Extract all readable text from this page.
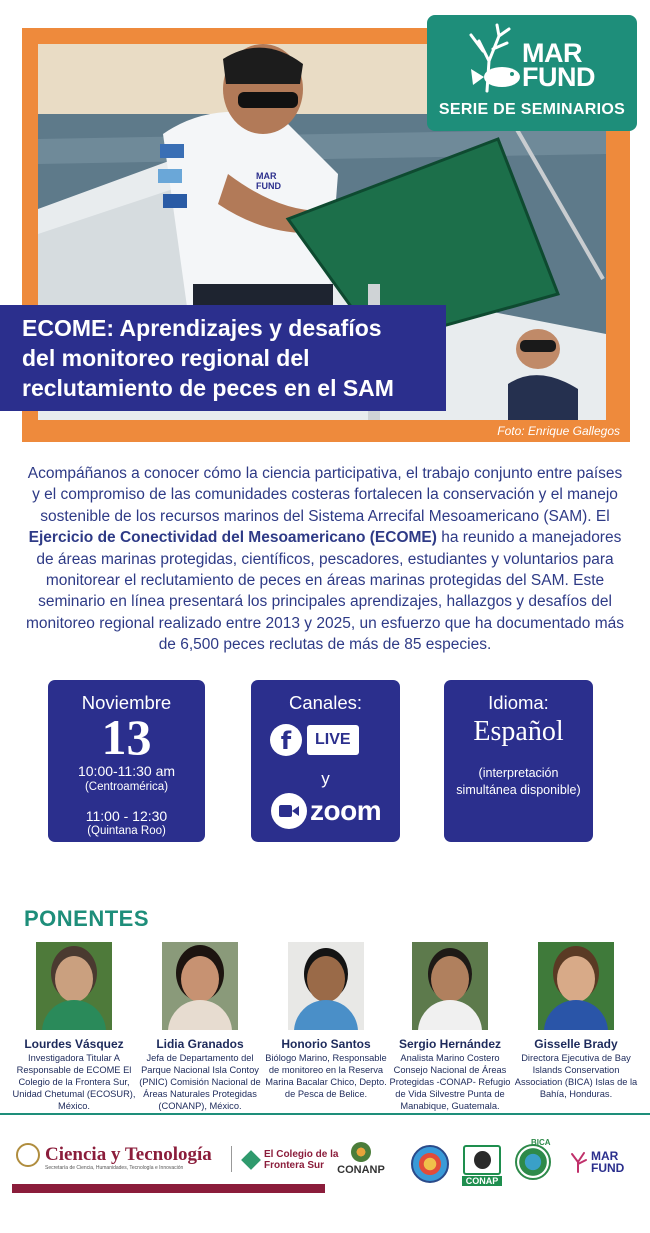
MAR
FUND
Foto: Enrique Gallegos
MAR
FUND
SERIE DE SEMINARIOS
ECOME: Aprendizajes y desafíos
del monitoreo regional del
reclutamiento de peces en el SAM

Acompáñanos a conocer cómo la ciencia participativa, el trabajo conjunto entre países y el compromiso de las comunidades costeras fortalecen la conservación y el manejo sostenible de los recursos marinos del Sistema Arrecifal Mesoamericano (SAM). El Ejercicio de Conectividad del Mesoamericano (ECOME) ha reunido a manejadores de áreas marinas protegidas, científicos, pescadores, estudiantes y voluntarios para monitorear el reclutamiento de peces en áreas marinas protegidas del SAM. Este seminario en línea presentará los principales aprendizajes, hallazgos y desafíos del monitoreo regional realizado entre 2013 y 2025, un esfuerzo que ha documentado más de 6,500 peces reclutas de más de 85 especies.

Noviembre
13
10:00-11:30 am
(Centroamérica)
11:00 - 12:30
(Quintana Roo)
Canales:
f	LIVE
y
zoom
Idioma:
Español
(interpretación simultánea disponible)
PONENTES
Lourdes Vásquez
Investigadora Titular A Responsable de ECOME El Colegio de la Frontera Sur, Unidad Chetumal (ECOSUR), México.
Lidia Granados
Jefa de Departamento del Parque Nacional Isla Contoy (PNIC) Comisión Nacional de Áreas Naturales Protegidas (CONANP), México.
Honorio Santos
Biólogo Marino, Responsable de monitoreo en la Reserva Marina Bacalar Chico, Depto. de Pesca de Belice.
Sergio Hernández
Analista Marino Costero Consejo Nacional de Áreas Protegidas -CONAP- Refugio de Vida Silvestre Punta de Manabique, Guatemala.
Gisselle Brady
Directora Ejecutiva de Bay Islands Conservation Association (BICA) Islas de la Bahía, Honduras.
Ciencia y Tecnología
Secretaría de Ciencia, Humanidades, Tecnología e Innovación
El Colegio de la
Frontera Sur	CONANP
CONAP
BICA
MAR
FUND
